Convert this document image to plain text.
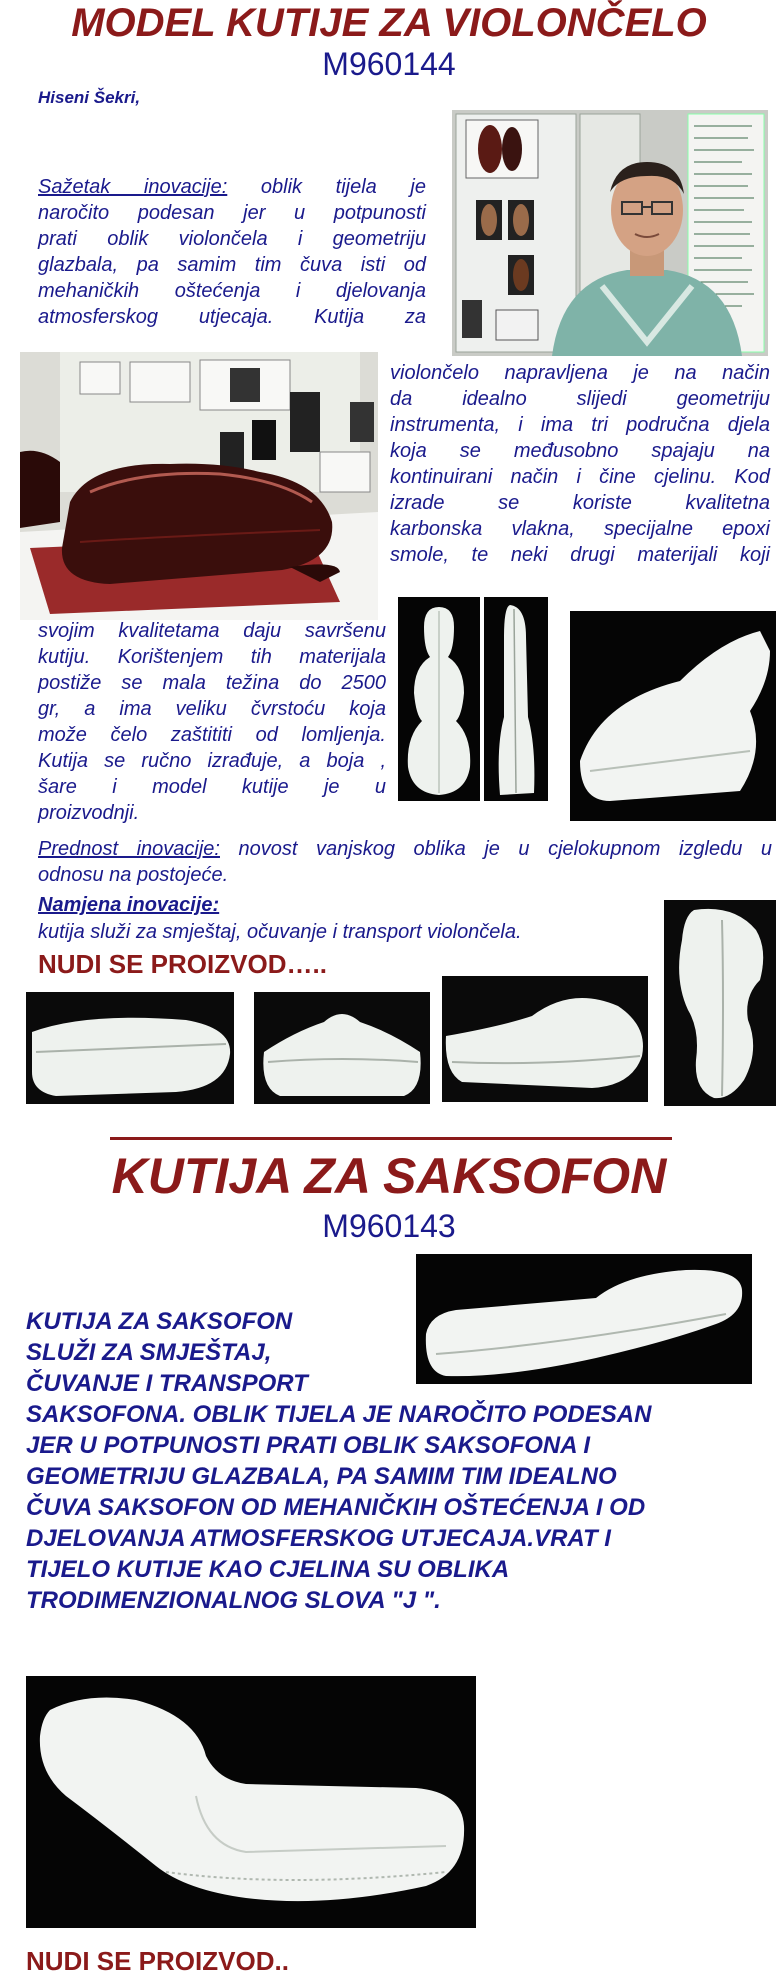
MODEL KUTIJE ZA VIOLONČELO
M960144
Hiseni Šekri,
Sažetak inovacije: oblik tijela je
naročito podesan jer u potpunosti
prati oblik violončela i geometriju
glazbala, pa samim tim čuva isti od
mehaničkih oštećenja i djelovanja
atmosferskog utjecaja. Kutija za
violončelo napravljena je na način
da idealno slijedi geometriju
instrumenta, i ima tri područna djela
koja se međusobno spajaju na
kontinuirani način i čine cjelinu. Kod
izrade se koriste kvalitetna
karbonska vlakna, specijalne epoxi
smole, te neki drugi materijali koji
svojim kvalitetama daju savršenu
kutiju. Korištenjem tih materijala
postiže se mala težina do 2500
gr, a ima veliku čvrstoću koja
može čelo zaštititi od lomljenja.
Kutija se ručno izrađuje, a boja ,
šare i model kutije je u
proizvodnji.
Prednost inovacije: novost vanjskog oblika je u cjelokupnom izgledu u
odnosu na postojeće.
Namjena inovacije:
kutija služi za smještaj, očuvanje i transport violončela.
NUDI SE PROIZVOD…..
KUTIJA ZA SAKSOFON
M960143
KUTIJA ZA SAKSOFON
SLUŽI ZA SMJEŠTAJ,
ČUVANJE I TRANSPORT
SAKSOFONA. OBLIK TIJELA JE NAROČITO PODESAN
JER U POTPUNOSTI PRATI OBLIK SAKSOFONA I
GEOMETRIJU GLAZBALA, PA SAMIM TIM IDEALNO
ČUVA SAKSOFON OD MEHANIČKIH OŠTEĆENJA I OD
DJELOVANJA ATMOSFERSKOG UTJECAJA.VRAT I
TIJELO KUTIJE KAO CJELINA SU OBLIKA
TRODIMENZIONALNOG SLOVA "J ".
NUDI SE PROIZVOD..
